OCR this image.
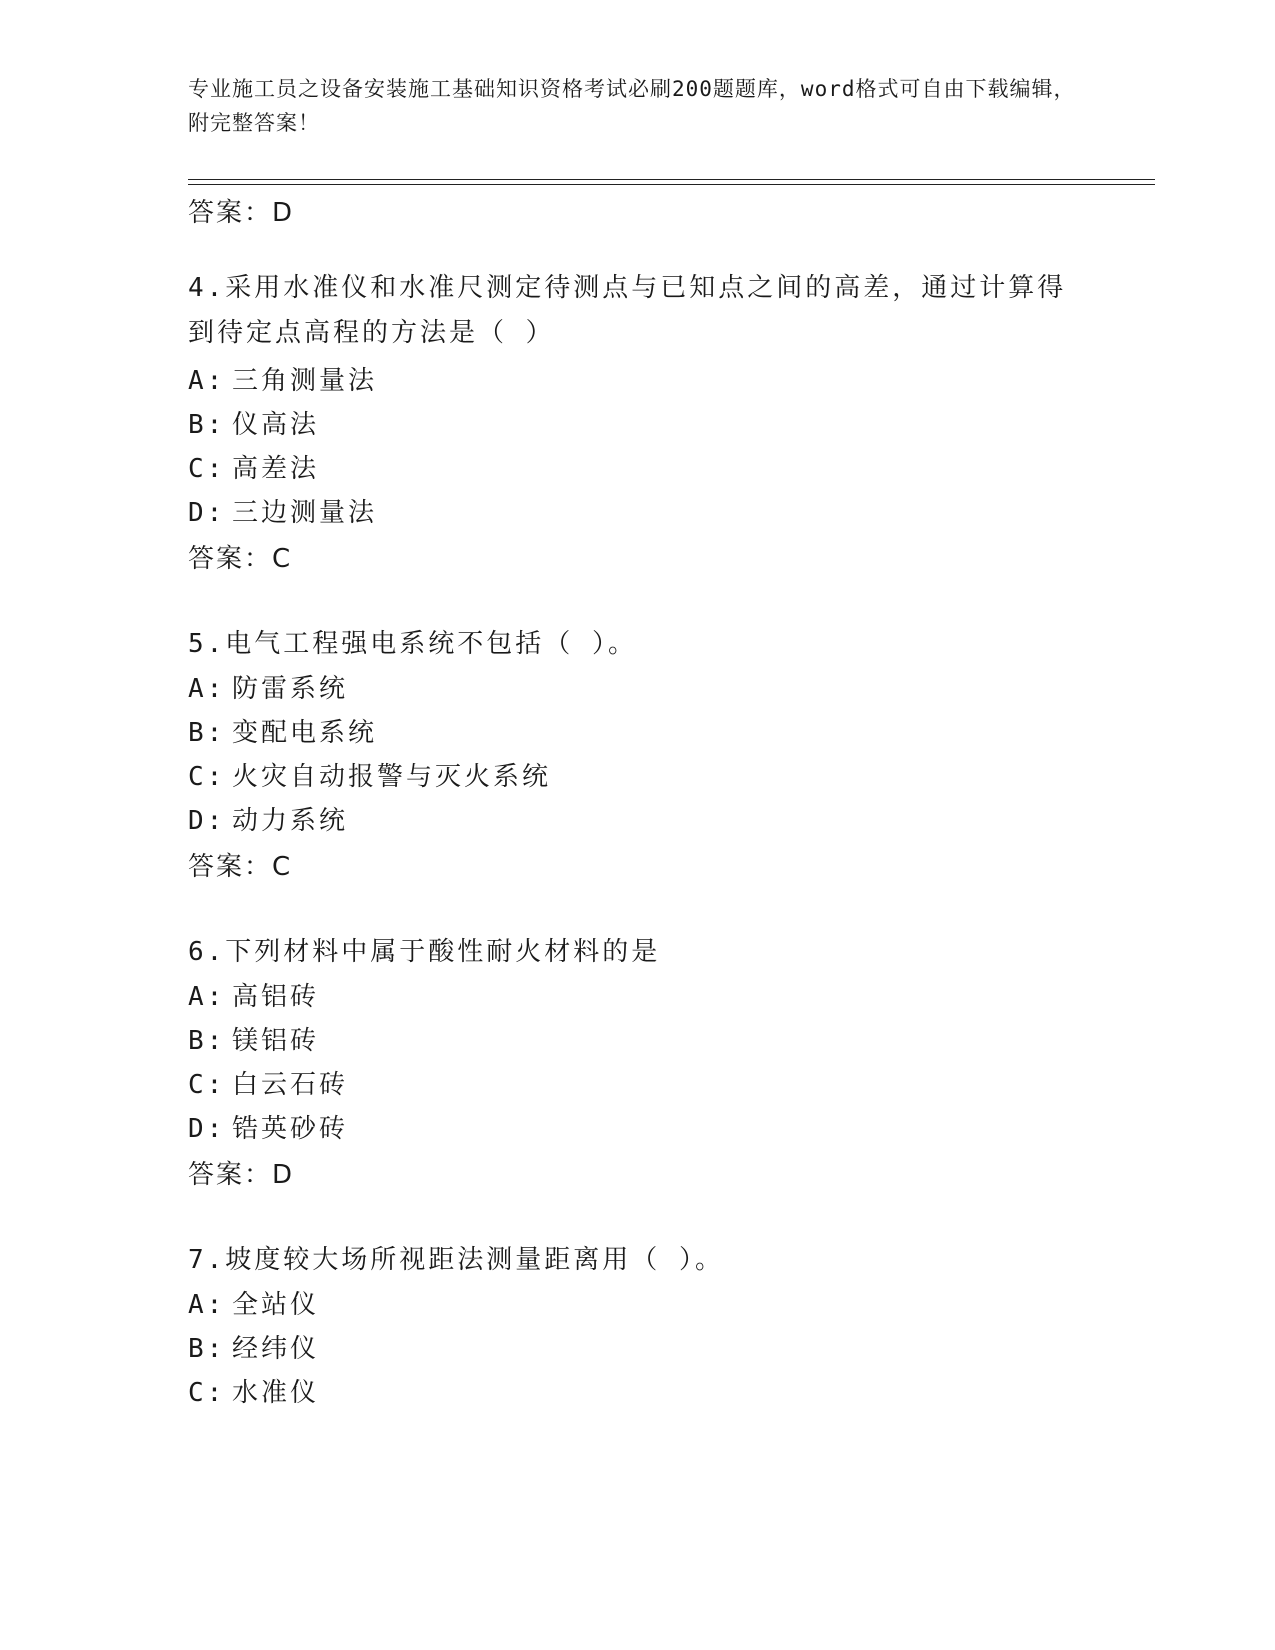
专业施工员之设备安装施工基础知识资格考试必刷200题题库，word格式可自由下载编辑，附完整答案！
答案：D
4.采用水准仪和水准尺测定待测点与已知点之间的高差，通过计算得到待定点高程的方法是（ ）
A: 三角测量法
B: 仪高法
C: 高差法
D: 三边测量法
答案：C
5.电气工程强电系统不包括（ ）。
A: 防雷系统
B: 变配电系统
C: 火灾自动报警与灭火系统
D: 动力系统
答案：C
6.下列材料中属于酸性耐火材料的是
A: 高铝砖
B: 镁铝砖
C: 白云石砖
D: 锆英砂砖
答案：D
7.坡度较大场所视距法测量距离用（ ）。
A: 全站仪
B: 经纬仪
C: 水准仪
